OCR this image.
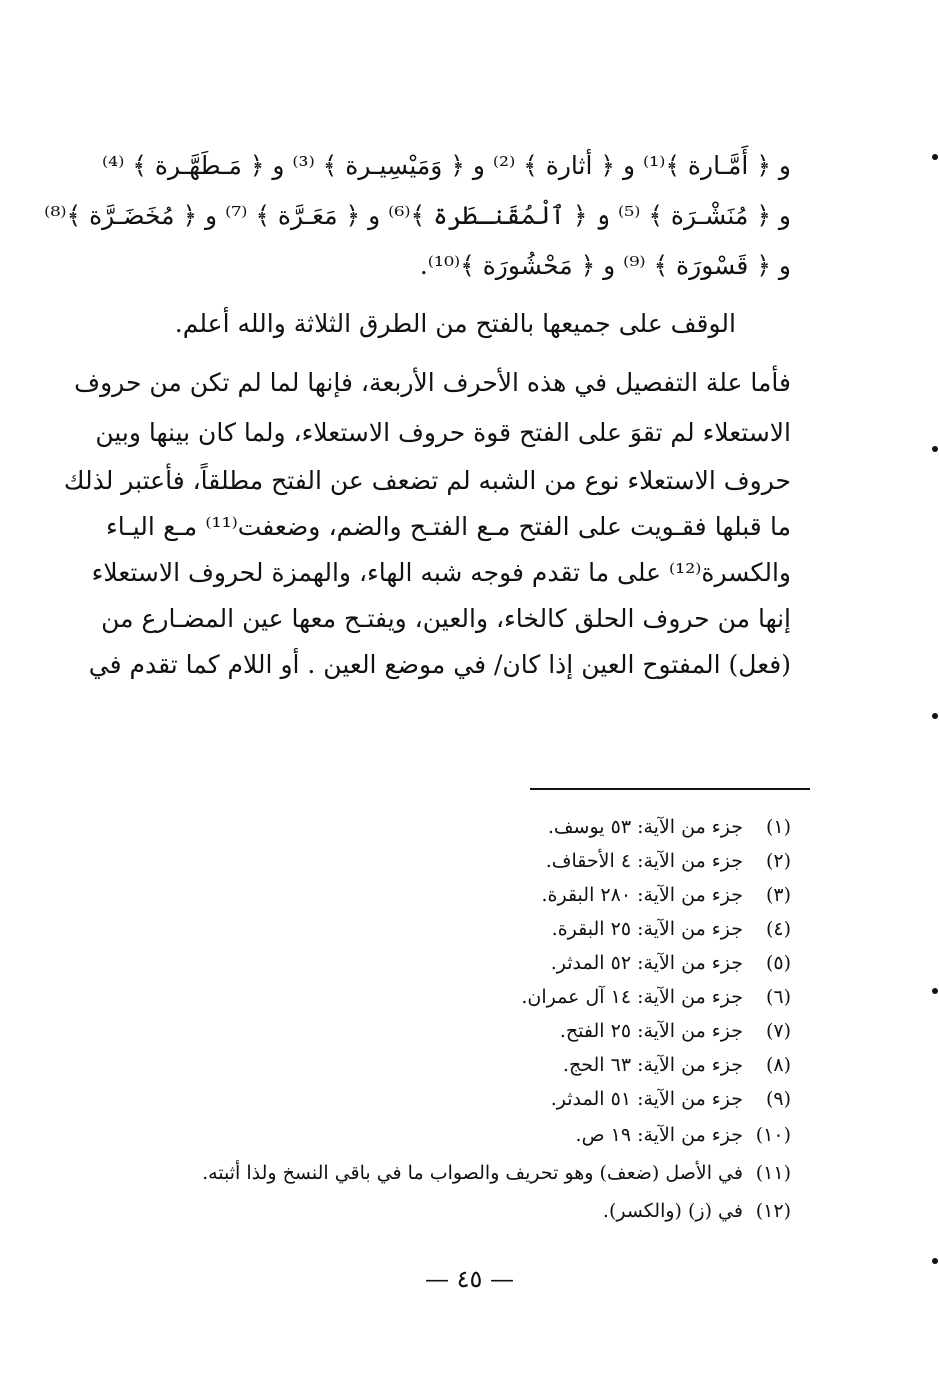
و ﴿ أَمَّـارة ﴾⁽¹⁾ و ﴿ أثارة ﴾ ⁽²⁾ و ﴿ وَمَيْسِيـرة ﴾ ⁽³⁾ و ﴿ مَـطَهَّـرة ﴾ ⁽⁴⁾
و ﴿ مُنَشْـرَة ﴾ ⁽⁵⁾ و ﴿ ٱلْمُقَنـطَرة ﴾⁽⁶⁾ و ﴿ مَعَـرَّة ﴾ ⁽⁷⁾ و ﴿ مُخَضَـرَّة ﴾⁽⁸⁾
و ﴿ قَسْورَة ﴾ ⁽⁹⁾ و ﴿ مَحْشُورَة ﴾⁽¹⁰⁾.
الوقف على جميعها بالفتح من الطرق الثلاثة والله أعلم.
فأما علة التفصيل في هذه الأحرف الأربعة، فإنها لما لم تكن من حروف
الاستعلاء لم تقوَ على الفتح قوة حروف الاستعلاء، ولما كان بينها وبين
حروف الاستعلاء نوع من الشبه لم تضعف عن الفتح مطلقاً، فأعتبر لذلك
ما قبلها فقـويت على الفتح مـع الفتـح والضم، وضعفت⁽¹¹⁾ مـع اليـاء
والكسرة⁽¹²⁾ على ما تقدم فوجه شبه الهاء، والهمزة لحروف الاستعلاء
إنها من حروف الحلق كالخاء، والعين، ويفتـح معها عين المضـارع من
(فعل) المفتوح العين إذا كان/ في موضع العين . أو اللام كما تقدم في
(١) جزء من الآية: ٥٣ يوسف.
(٢) جزء من الآية: ٤ الأحقاف.
(٣) جزء من الآية: ٢٨٠ البقرة.
(٤) جزء من الآية: ٢٥ البقرة.
(٥) جزء من الآية: ٥٢ المدثر.
(٦) جزء من الآية: ١٤ آل عمران.
(٧) جزء من الآية: ٢٥ الفتح.
(٨) جزء من الآية: ٦٣ الحج.
(٩) جزء من الآية: ٥١ المدثر.
(١٠) جزء من الآية: ١٩ ص.
(١١) في الأصل (ضعف) وهو تحريف والصواب ما في باقي النسخ ولذا أثبته.
(١٢) في (ز) (والكسر).
— ٤٥ —
